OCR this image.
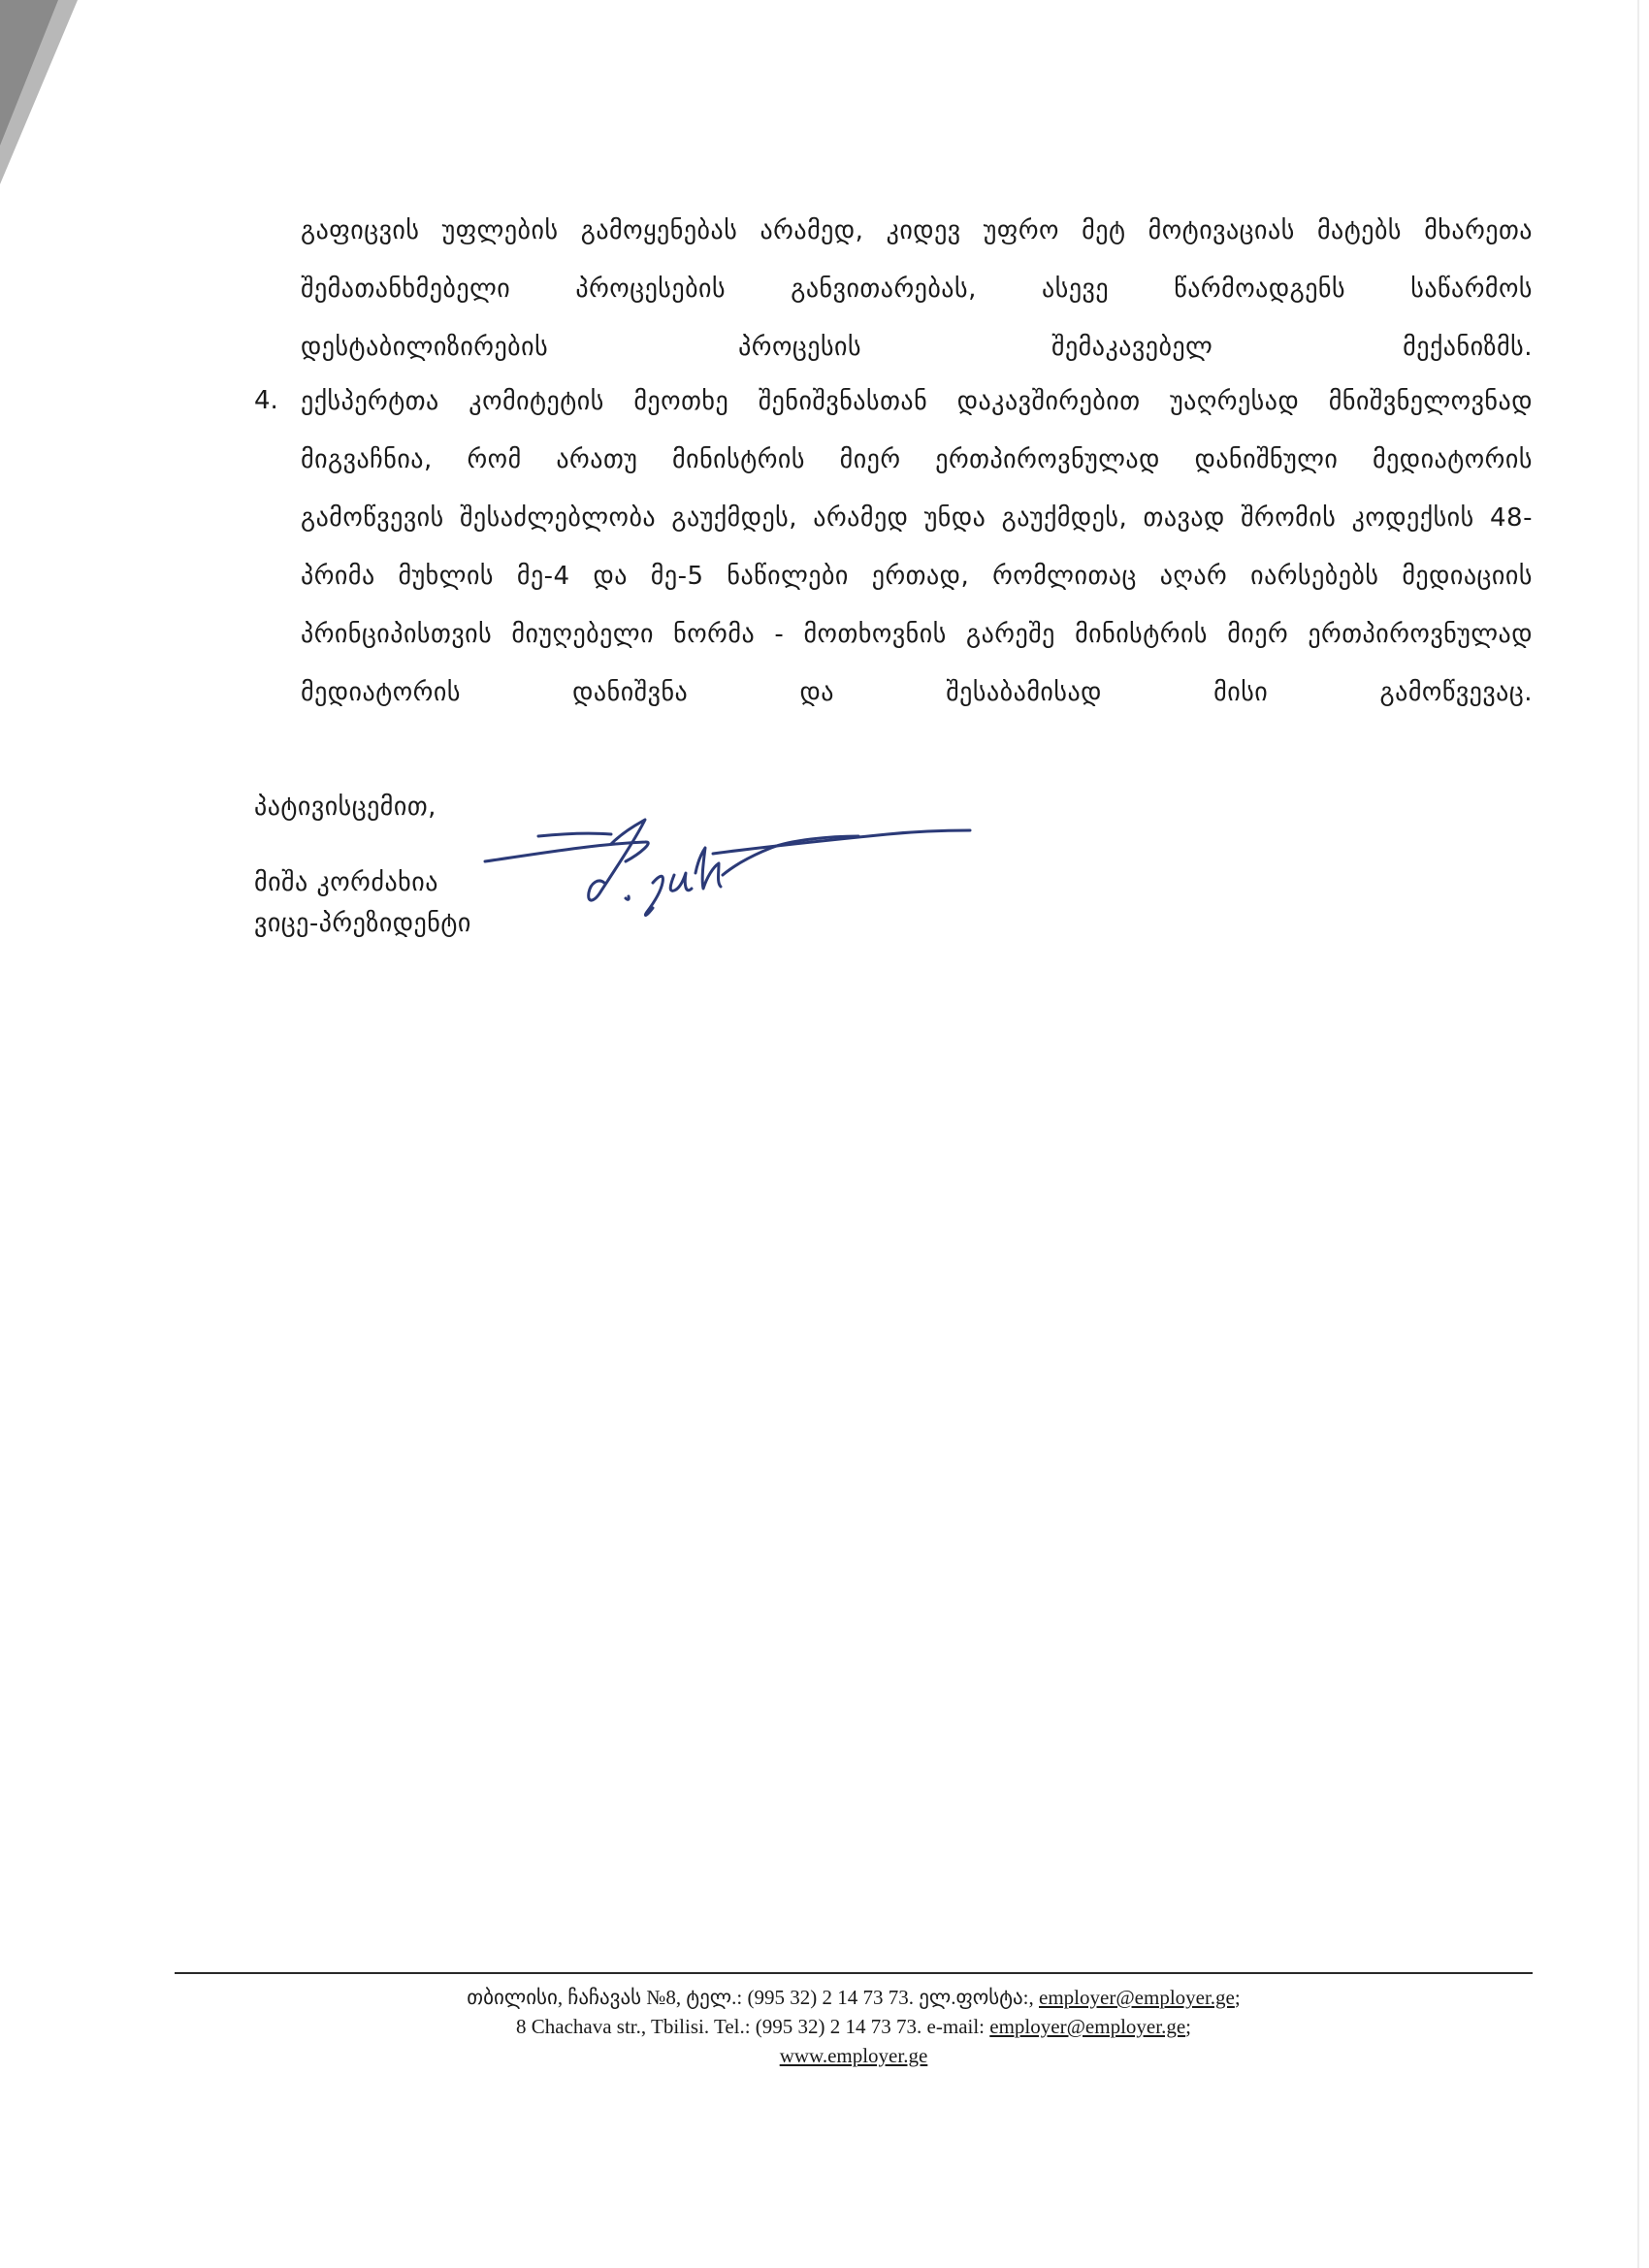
გაფიცვის უფლების გამოყენებას არამედ, კიდევ უფრო მეტ მოტივაციას მატებს მხარეთა
შემათანხმებელი	პროცესების	განვითარებას,	ასევე	წარმოადგენს	საწარმოს
დესტაბილიზირების პროცესის შემაკავებელ მექანიზმს.
4. ექსპერტთა კომიტეტის მეოთხე შენიშვნასთან დაკავშირებით უაღრესად მნიშვნელოვნად
მიგვაჩნია, რომ არათუ მინისტრის მიერ ერთპიროვნულად დანიშნული მედიატორის
გამოწვევის შესაძლებლობა გაუქმდეს, არამედ უნდა გაუქმდეს, თავად შრომის კოდექსის 48-
პრიმა მუხლის მე-4 და მე-5 ნაწილები ერთად, რომლითაც აღარ იარსებებს მედიაციის
პრინციპისთვის მიუღებელი ნორმა - მოთხოვნის გარეშე მინისტრის მიერ ერთპიროვნულად
მედიატორის დანიშვნა და შესაბამისად მისი გამოწვევაც.
პატივისცემით,
მიშა კორძახია
ვიცე-პრეზიდენტი
თბილისი, ჩაჩავას №8, ტელ.: (995 32) 2 14 73 73. ელ.ფოსტა:, employer@employer.ge;
8 Chachava str., Tbilisi. Tel.: (995 32) 2 14 73 73. e-mail: employer@employer.ge;
www.employer.ge
